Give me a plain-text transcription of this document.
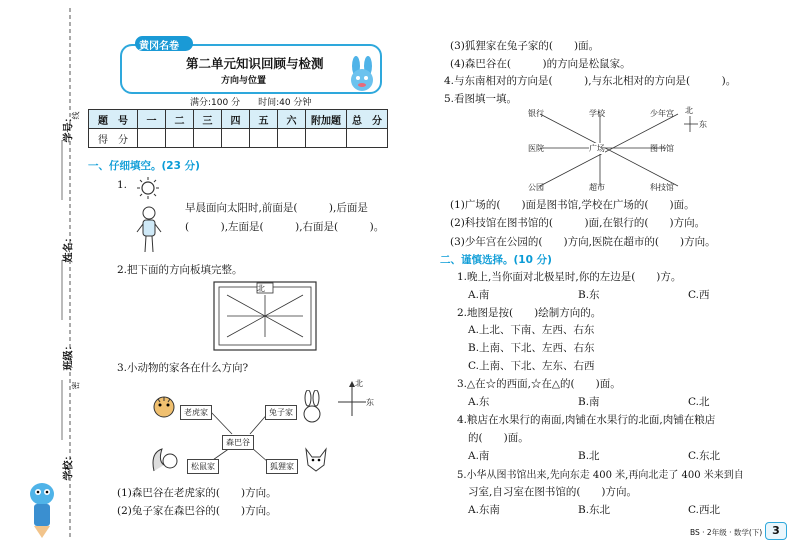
学号：
姓名：
班级：
学校：
线
密
黄冈名卷
第二单元知识回顾与检测
方向与位置
满分:100 分　　时间:40 分钟
题　号	一	二	三	四	五	六	附加题	总　分
得　分								
一、仔细填空。(23 分)
1.
早晨面向太阳时,前面是(　　　),后面是
(　　　),左面是(　　　),右面是(　　　)。
2.把下面的方向板填完整。
北
3.小动物的家各在什么方向?
北
东
老虎家	兔子家
森巴谷
松鼠家	狐狸家
(1)森巴谷在老虎家的(　　)方向。
(2)兔子家在森巴谷的(　　)方向。
(3)狐狸家在兔子家的(　　)面。
(4)森巴谷在(　　　)的方向是松鼠家。
4.与东南相对的方向是(　　　),与东北相对的方向是(　　　)。
5.看图填一填。
银行	学校	少年宫
医院	广场	图书馆
公园	超市	科技馆
北
东
(1)广场的(　　)面是图书馆,学校在广场的(　　)面。
(2)科技馆在图书馆的(　　　)面,在银行的(　　)方向。
(3)少年宫在公园的(　　)方向,医院在超市的(　　)方向。
二、谨慎选择。(10 分)
1.晚上,当你面对北极星时,你的左边是(　　)方。
A.南	B.东	C.西
2.地图是按(　　)绘制方向的。
A.上北、下南、左西、右东
B.上南、下北、左西、右东
C.上南、下北、左东、右西
3.△在☆的西面,☆在△的(　　)面。
A.东	B.南	C.北
4.粮店在水果行的南面,肉铺在水果行的北面,肉铺在粮店
的(　　)面。
A.南	B.北	C.东北
5.小华从图书馆出来,先向东走 400 米,再向北走了 400 米来到自
习室,自习室在图书馆的(　　)方向。
A.东南	B.东北	C.西北
BS · 2年级 · 数学(下) 3
